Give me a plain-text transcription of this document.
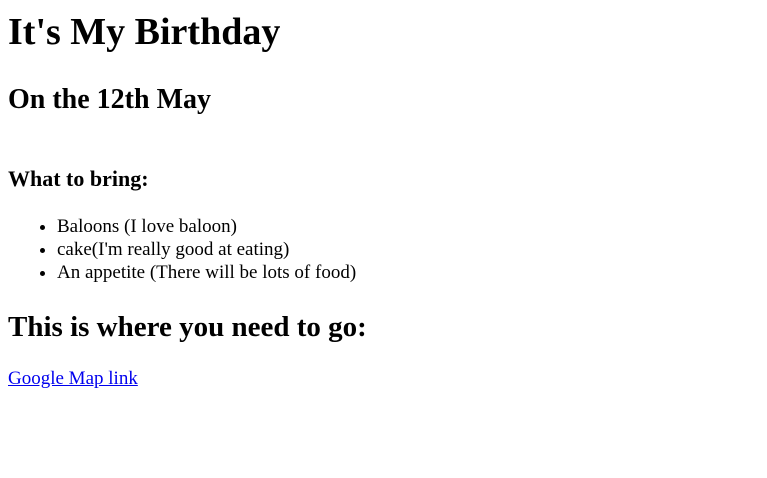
It's My Birthday
On the 12th May
What to bring:
• Baloons (I love baloon)
• cake(I'm really good at eating)
• An appetite (There will be lots of food)
This is where you need to go:
Google Map link
